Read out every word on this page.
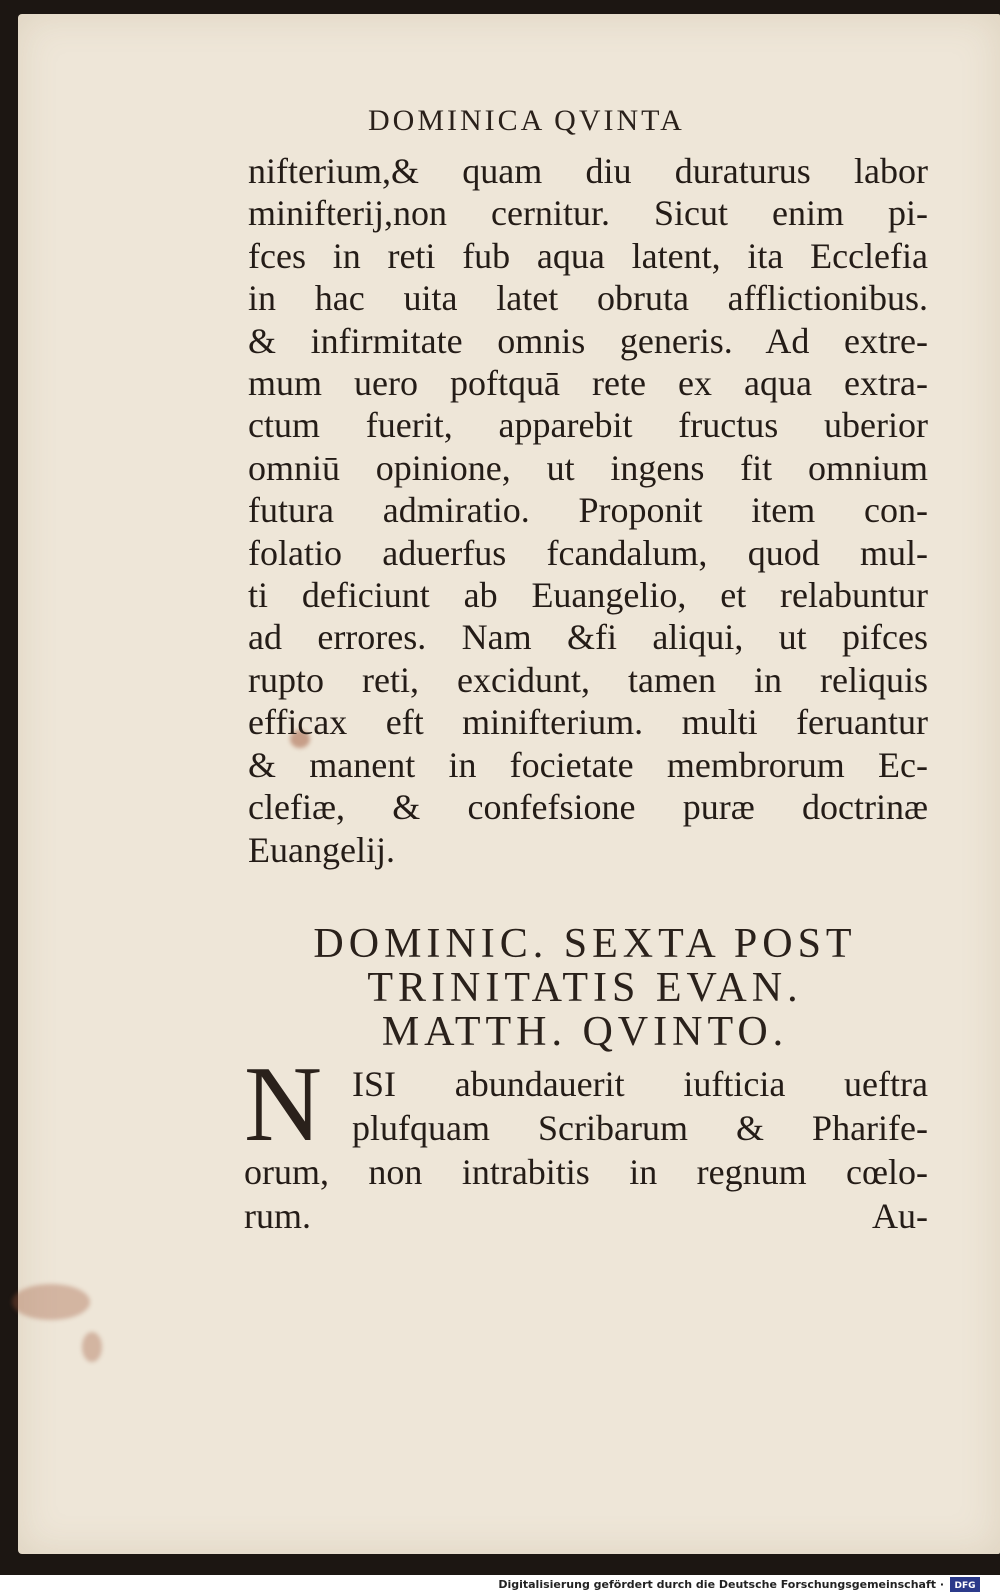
DOMINICA QVINTA
nifterium,& quam diu duraturus labor
minifterij,non cernitur. Sicut enim pi-
fces in reti fub aqua latent, ita Ecclefia
in hac uita latet obruta afflictionibus.
& infirmitate omnis generis. Ad extre-
mum uero poftquā rete ex aqua extra-
ctum fuerit, apparebit fructus uberior
omniū opinione, ut ingens fit omnium
futura admiratio. Proponit item con-
folatio aduerfus fcandalum, quod mul-
ti deficiunt ab Euangelio, et relabuntur
ad errores. Nam &fi aliqui, ut pifces
rupto reti, excidunt, tamen in reliquis
efficax eft minifterium. multi feruantur
& manent in focietate membrorum Ec-
clefiæ, & confefsione puræ doctrinæ
Euangelij.
DOMINIC. SEXTA POST
TRINITATIS EVAN.
MATTH. QVINTO.
N ISI abundauerit iufticia ueftra
plufquam Scribarum & Pharife-
orum, non intrabitis in regnum cœlo-
rum.	Au-
Digitalisierung gefördert durch die Deutsche Forschungsgemeinschaft ·	DFG
